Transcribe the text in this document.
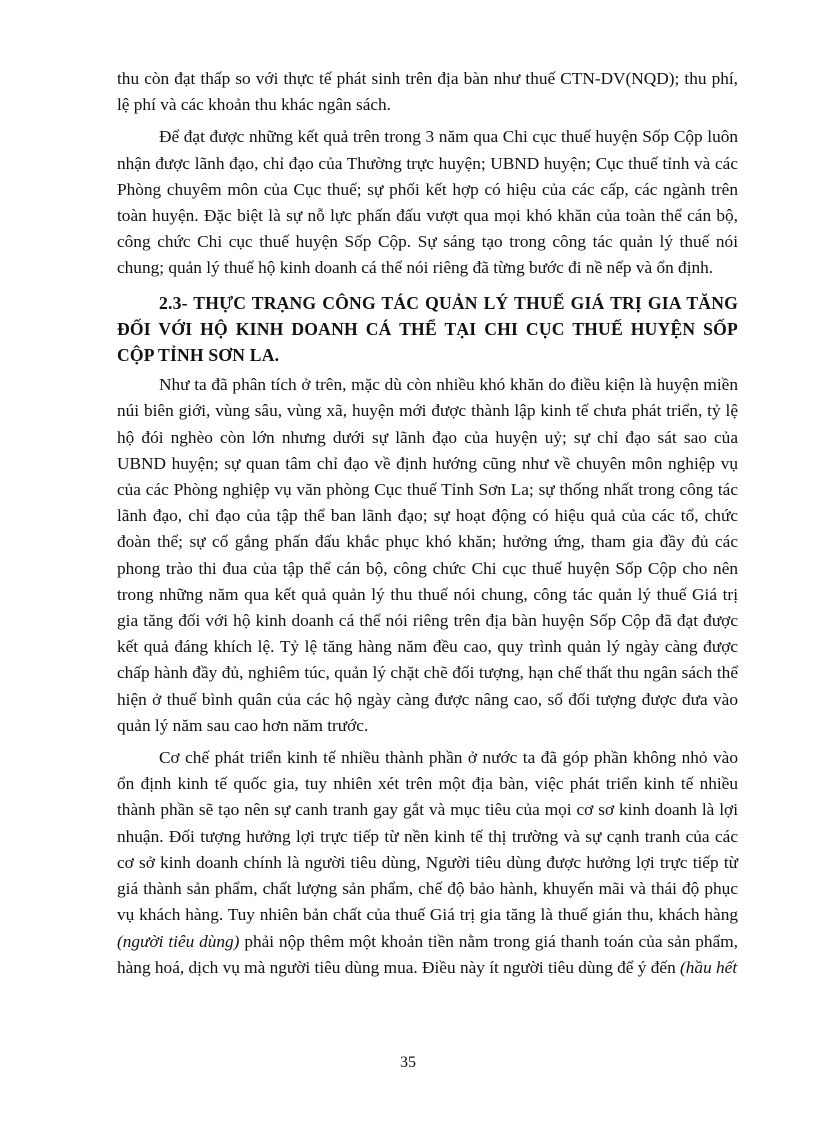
thu còn đạt thấp so với thực tế phát sinh trên địa bàn như thuế CTN-DV(NQD); thu phí, lệ phí và các khoản thu khác ngân sách.

Để đạt được những kết quả trên trong 3 năm qua Chi cục thuế huyện Sốp Cộp luôn nhận được lãnh đạo, chỉ đạo của Thường trực huyện; UBND huyện; Cục thuế tỉnh và các Phòng chuyêm môn của Cục thuế; sự phối kết hợp có hiệu của các cấp, các ngành trên toàn huyện. Đặc biệt là sự nỗ lực phấn đấu vượt qua mọi khó khăn của toàn thể cán bộ, công chức Chi cục thuế huyện Sốp Cộp. Sự sáng tạo trong công tác quản lý thuế nói chung; quản lý thuế hộ kinh doanh cá thể nói riêng đã từng bước đi nề nếp và ổn định.

2.3- THỰC TRẠNG CÔNG TÁC QUẢN LÝ THUẾ GIÁ TRỊ GIA TĂNG ĐỐI VỚI HỘ KINH DOANH CÁ THỂ TẠI CHI CỤC THUẾ HUYỆN SỐP CỘP TỈNH SƠN LA.

Như ta đã phân tích ở trên, mặc dù còn nhiều khó khăn do điều kiện là huyện miền núi biên giới, vùng sâu, vùng xã, huyện mới được thành lập kinh tế chưa phát triển, tỷ lệ hộ đói nghèo còn lớn nhưng dưới sự lãnh đạo của huyện uỷ; sự chỉ đạo sát sao của UBND huyện; sự quan tâm chỉ đạo về định hướng cũng như về chuyên môn nghiệp vụ của các Phòng nghiệp vụ văn phòng Cục thuế Tỉnh Sơn La; sự thống nhất trong công tác lãnh đạo, chỉ đạo của tập thể ban lãnh đạo; sự hoạt động có hiệu quả của các tổ, chức đoàn thể; sự cố gắng phấn đấu khắc phục khó khăn; hưởng ứng, tham gia đầy đủ các phong trào thi đua của tập thể cán bộ, công chức Chi cục thuế huyện Sốp Cộp cho nên trong những năm qua kết quả quản lý thu thuế nói chung, công tác quản lý thuế Giá trị gia tăng đối với hộ kinh doanh cá thể nói riêng trên địa bàn huyện Sốp Cộp đã đạt được kết quả đáng khích lệ. Tỷ lệ tăng hàng năm đều cao, quy trình quản lý ngày càng được chấp hành đầy đủ, nghiêm túc, quản lý chặt chẽ đối tượng, hạn chế thất thu ngân sách thể hiện ở thuế bình quân của các hộ ngày càng được nâng cao, số đối tượng được đưa vào quản lý năm sau cao hơn năm trước.

Cơ chế phát triển kinh tế nhiều thành phần ở nước ta đã góp phần không nhỏ vào ổn định kinh tế quốc gia, tuy nhiên xét trên một địa bàn, việc phát triển kinh tế nhiều thành phần sẽ tạo nên sự canh tranh gay gắt và mục tiêu của mọi cơ sơ kinh doanh là lợi nhuận. Đối tượng hưởng lợi trực tiếp từ nền kinh tế thị trường và sự cạnh tranh của các cơ sở kinh doanh chính là người tiêu dùng, Người tiêu dùng được hưởng lợi trực tiếp từ giá thành sản phẩm, chất lượng sản phẩm, chế độ bảo hành, khuyến mãi và thái độ phục vụ khách hàng. Tuy nhiên bản chất của thuế Giá trị gia tăng là thuế gián thu, khách hàng (người tiêu dùng) phải nộp thêm một khoản tiền nằm trong giá thanh toán của sản phẩm, hàng hoá, dịch vụ mà người tiêu dùng mua. Điều này ít người tiêu dùng để ý đến (hầu hết

35
